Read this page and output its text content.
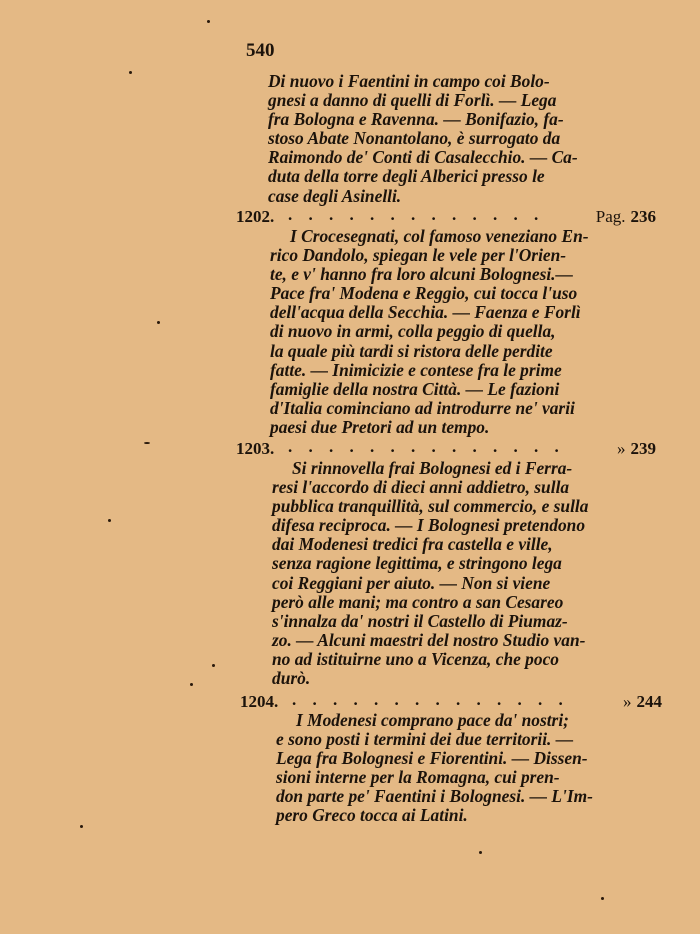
540
Di nuovo i Faentini in campo coi Bolo-
gnesi a danno di quelli di Forlì. — Lega
fra Bologna e Ravenna. — Bonifazio, fa-
stoso Abate Nonantolano, è surrogato da
Raimondo de' Conti di Casalecchio. — Ca-
duta della torre degli Alberici presso le
case degli Asinelli.
1202. . . . . . . . . . . . . .	Pag. 236
I Crocesegnati, col famoso veneziano En-
rico Dandolo, spiegan le vele per l'Orien-
te, e v' hanno fra loro alcuni Bolognesi.—
Pace fra' Modena e Reggio, cui tocca l'uso
dell'acqua della Secchia. — Faenza e Forlì
di nuovo in armi, colla peggio di quella,
la quale più tardi si ristora delle perdite
fatte. — Inimicizie e contese fra le prime
famiglie della nostra Città. — Le fazioni
d'Italia cominciano ad introdurre ne' varii
paesi due Pretori ad un tempo.
1203. . . . . . . . . . . . . . .	» 239
Si rinnovella frai Bolognesi ed i Ferra-
resi l'accordo di dieci anni addietro, sulla
pubblica tranquillità, sul commercio, e sulla
difesa reciproca. — I Bolognesi pretendono
dai Modenesi tredici fra castella e ville,
senza ragione legittima, e stringono lega
coi Reggiani per aiuto. — Non si viene
però alle mani; ma contro a san Cesareo
s'innalza da' nostri il Castello di Piumaz-
zo. — Alcuni maestri del nostro Studio van-
no ad istituirne uno a Vicenza, che poco
durò.
1204. . . . . . . . . . . . . . .	» 244
I Modenesi comprano pace da' nostri;
e sono posti i termini dei due territorii. —
Lega fra Bolognesi e Fiorentini. — Dissen-
sioni interne per la Romagna, cui pren-
don parte pe' Faentini i Bolognesi. — L'Im-
pero Greco tocca ai Latini.
